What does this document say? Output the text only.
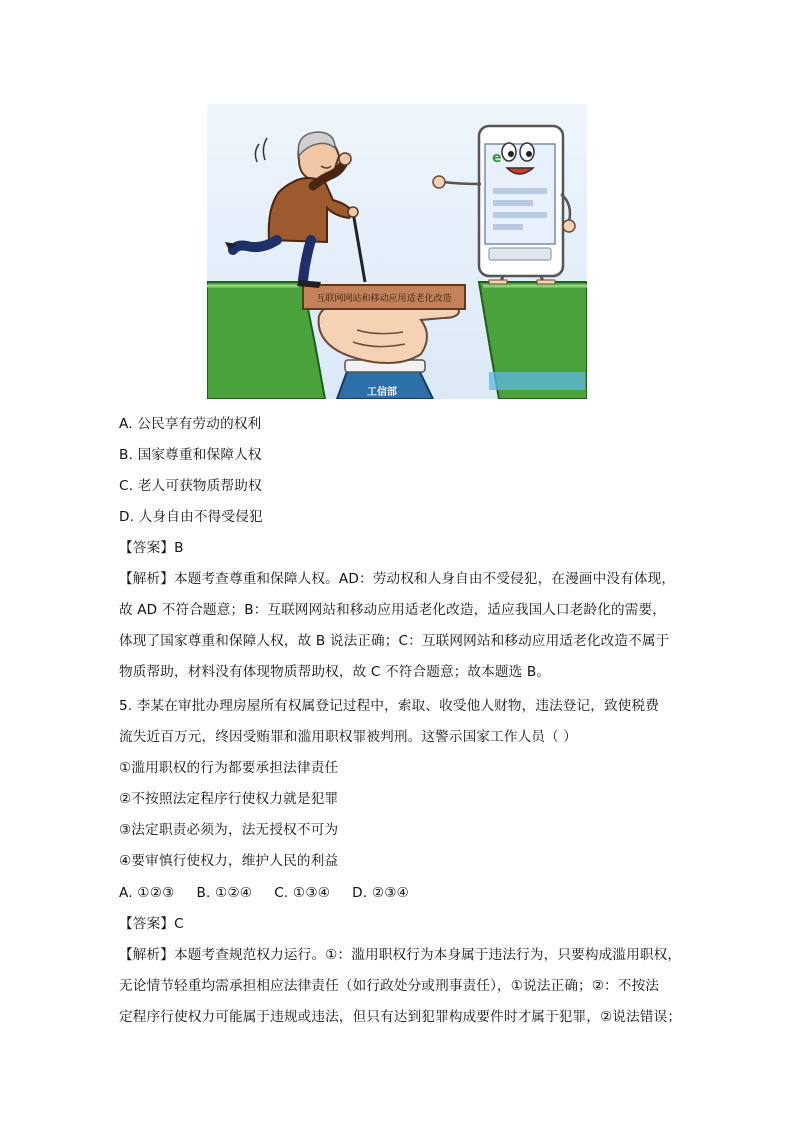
工信部
互联网网站和移动应用适老化改造
e
A. 公民享有劳动的权利
B. 国家尊重和保障人权
C. 老人可获物质帮助权
D. 人身自由不得受侵犯
【答案】B
【解析】本题考查尊重和保障人权。AD：劳动权和人身自由不受侵犯，在漫画中没有体现，
故 AD 不符合题意；B：互联网网站和移动应用适老化改造，适应我国人口老龄化的需要，
体现了国家尊重和保障人权，故 B 说法正确；C：互联网网站和移动应用适老化改造不属于
物质帮助，材料没有体现物质帮助权，故 C 不符合题意；故本题选 B。
5. 李某在审批办理房屋所有权属登记过程中，索取、收受他人财物，违法登记，致使税费
流失近百万元，终因受贿罪和滥用职权罪被判刑。这警示国家工作人员（ ）
①滥用职权的行为都要承担法律责任
②不按照法定程序行使权力就是犯罪
③法定职责必须为，法无授权不可为
④要审慎行使权力，维护人民的利益
A. ①②③ B. ①②④ C. ①③④ D. ②③④
【答案】C
【解析】本题考查规范权力运行。①：滥用职权行为本身属于违法行为，只要构成滥用职权，
无论情节轻重均需承担相应法律责任（如行政处分或刑事责任），①说法正确；②：不按法
定程序行使权力可能属于违规或违法，但只有达到犯罪构成要件时才属于犯罪，②说法错误；
